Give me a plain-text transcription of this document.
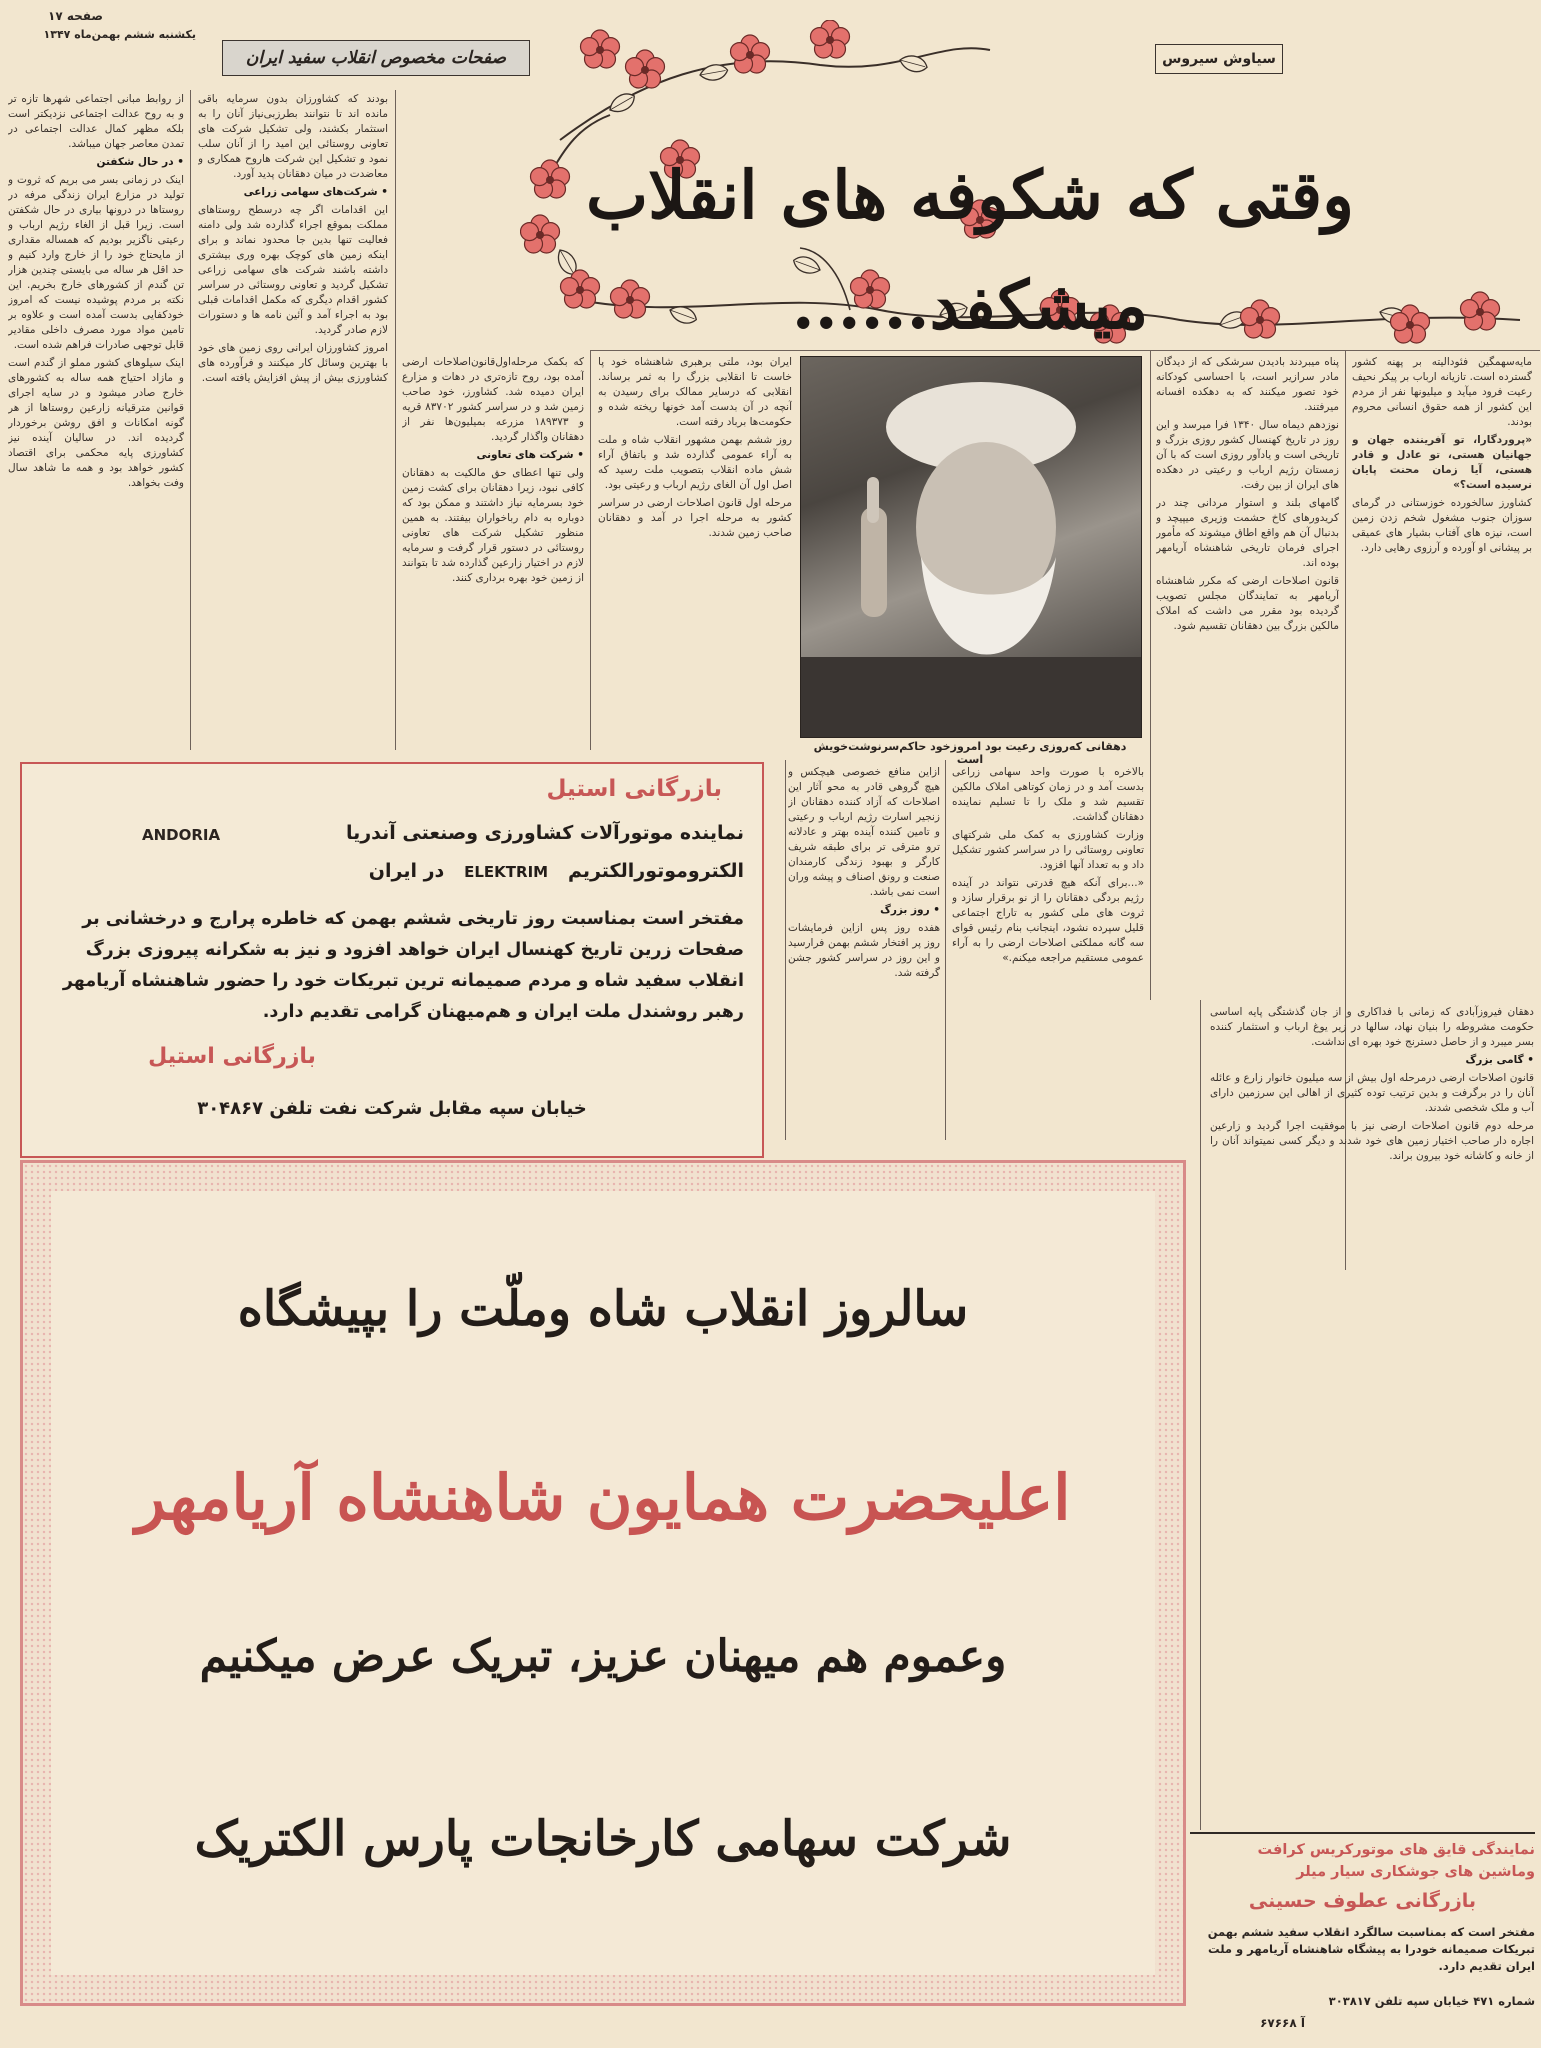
صفحه ۱۷
یکشنبه ششم بهمن‌ماه ۱۳۴۷
صفحات مخصوص انقلاب سفید ایران	سیاوش سیروس
وقتی که شکوفه های انقلاب میشکفد......
دهقانی که‌روزی رعیت بود امروزخود حاکم‌سرنوشت‌خویش است

از روابط مبانی اجتماعی شهرها تازه تر و به روح عدالت اجتماعی نزدیکتر است بلکه مظهر کمال عدالت اجتماعی در تمدن معاصر جهان میباشد.

• در حال شکفتن

اینک در زمانی بسر می بریم که ثروت و تولید در مزارع ایران زندگی مرفه در روستاها در درونها بیاری در حال شکفتن است. زیرا قبل از الغاء رژیم ارباب و رعیتی ناگزیر بودیم که همساله مقداری از مایحتاج خود را از خارج وارد کنیم و حد اقل هر ساله می بایستی چندین هزار تن گندم از کشورهای خارج بخریم. این نکته بر مردم پوشیده نیست که امروز خودکفایی بدست آمده است و علاوه بر تامین مواد مورد مصرف داخلی مقادیر قابل توجهی صادرات فراهم شده است.

اینک سیلوهای کشور مملو از گندم است و مازاد احتیاج همه ساله به کشورهای خارج صادر میشود و در سایه اجرای قوانین مترقیانه زارعین روستاها از هر گونه امکانات و افق روشن برخوردار گردیده اند. در سالیان آینده نیز کشاورزی پایه محکمی برای اقتصاد کشور خواهد بود و همه ما شاهد سال وفت بخواهد.

بودند که کشاورزان بدون سرمایه باقی مانده اند تا نتوانند بطرزبی‌نیاز آنان را به استثمار بکشند، ولی تشکیل شرکت های تعاونی روستائی این امید را از آنان سلب نمود و تشکیل این شرکت هاروح همکاری و معاضدت در میان دهقانان پدید آورد.

• شرکت‌های سهامی زراعی

این اقدامات اگر چه درسطح روستاهای مملکت بموقع اجراء گذارده شد ولی دامنه فعالیت تنها بدین جا محدود نماند و برای اینکه زمین های کوچک بهره وری بیشتری داشته باشند شرکت های سهامی زراعی تشکیل گردید و تعاونی روستائی در سراسر کشور اقدام دیگری که مکمل اقدامات قبلی بود به اجراء آمد و آئین نامه ها و دستورات لازم صادر گردید.

امروز کشاورزان ایرانی روی زمین های خود با بهترین وسائل کار میکنند و فرآورده های کشاورزی بیش از پیش افزایش یافته است.

که بکمک مرحله‌اول‌قانون‌اصلاحات ارضی آمده بود، روح تازه‌تری در دهات و مزارع ایران دمیده شد. کشاورز، خود صاحب زمین شد و در سراسر کشور ۸۳۷۰۲ قریه و ۱۸۹۳۷۳ مزرعه بمیلیون‌ها نفر از دهقانان واگذار گردید.

• شرکت های تعاونی

ولی تنها اعطای حق مالکیت به دهقانان کافی نبود، زیرا دهقانان برای کشت زمین خود بسرمایه نیاز داشتند و ممکن بود که دوباره به دام رباخواران بیفتند. به همین منظور تشکیل شرکت های تعاونی روستائی در دستور قرار گرفت و سرمایه لازم در اختیار زارعین گذارده شد تا بتوانند از زمین خود بهره برداری کنند.

ایران بود، ملتی برهبری شاهنشاه خود پا خاست تا انقلابی بزرگ را به ثمر برساند. انقلابی که درسایر ممالک برای رسیدن به آنچه در آن بدست آمد خونها ریخته شده و حکومت‌ها برباد رفته است.

روز ششم بهمن مشهور انقلاب شاه و ملت به آراء عمومی گذارده شد و باتفاق آراء شش ماده انقلاب بتصویب ملت رسید که اصل اول آن الغای رژیم ارباب و رعیتی بود.

مرحله اول قانون اصلاحات ارضی در سراسر کشور به مرحله اجرا در آمد و دهقانان صاحب زمین شدند.

پناه میبردند بادیدن سرشکی که از دیدگان مادر سرازیر است، با احساسی کودکانه خود تصور میکنند که به دهکده افسانه میرفتند.

نوزدهم دیماه سال ۱۳۴۰ فرا میرسد و این روز در تاریخ کهنسال کشور روزی بزرگ و تاریخی است و یادآور روزی است که با آن زمستان رژیم ارباب و رعیتی در دهکده های ایران از بین رفت.

گامهای بلند و استوار مردانی چند در کریدورهای کاخ حشمت وزیری میپیچد و بدنبال آن هم واقع اطاق میشوند که مأمور اجرای فرمان تاریخی شاهنشاه آریامهر بوده اند.

قانون اصلاحات ارضی که مکرر شاهنشاه آریامهر به تمایندگان مجلس تصویب گردیده بود مقرر می داشت که املاک مالکین بزرگ بین دهقانان تقسیم شود.

مایه‌سهمگین فئودالیته بر پهنه کشور گسترده است. تازیانه ارباب بر پیکر نحیف رعیت فرود میآید و میلیونها نفر از مردم این کشور از همه حقوق انسانی محروم بودند.

«پروردگارا، تو آفریننده جهان و جهانیان هستی، تو عادل و قادر هستی، آیا زمان محنت پایان نرسیده است؟»

کشاورز سالخورده خوزستانی در گرمای سوزان جنوب مشغول شخم زدن زمین است، نیزه های آفتاب بشیار های عمیقی بر پیشانی او آورده و آرزوی رهایی دارد.

دهقان فیروزآبادی که زمانی با فداکاری و از جان گذشتگی پایه اساسی حکومت مشروطه را بنیان نهاد، سالها در زیر یوغ ارباب و استثمار کننده بسر میبرد و از حاصل دسترنج خود بهره ای نداشت.

• گامی بزرگ

قانون اصلاحات ارضی درمرحله اول بیش از سه میلیون خانوار زارع و عائله آنان را در برگرفت و بدین ترتیب توده کثیری از اهالی این سرزمین دارای آب و ملک شخصی شدند.

مرحله دوم قانون اصلاحات ارضی نیز با موفقیت اجرا گردید و زارعین اجاره دار صاحب اختیار زمین های خود شدند و دیگر کسی نمیتواند آنان را از خانه و کاشانه خود بیرون براند.

ازاین منافع خصوصی هیچکس و هیچ گروهی قادر به محو آثار این اصلاحات که آزاد کننده دهقانان از زنجیر اسارت رژیم ارباب و رعیتی و تامین کننده آینده بهتر و عادلانه ترو مترقی تر برای طبقه شریف کارگر و بهبود زندگی کارمندان صنعت و رونق اصناف و پیشه وران است نمی باشد.

• روز بزرگ

هفده روز پس ازاین فرمایشات روز پر افتخار ششم بهمن فرارسید و این روز در سراسر کشور جشن گرفته شد.

بالاخره با صورت واحد سهامی زراعی بدست آمد و در زمان کوتاهی املاک مالکین تقسیم شد و ملک را تا تسلیم نماینده دهقانان گذاشت.

وزارت کشاورزی به کمک ملی شرکتهای تعاونی روستائی را در سراسر کشور تشکیل داد و به تعداد آنها افزود.

«...برای آنکه هیچ قدرتی نتواند در آینده رژیم بردگی دهقانان را از نو برقرار سازد و ثروت های ملی کشور به تاراج اجتماعی قلیل سپرده نشود، اینجانب بنام رئیس قوای سه گانه مملکتی اصلاحات ارضی را به آراء عمومی مستقیم مراجعه میکنم.»

بازرگانی استیل
نماینده موتورآلات کشاورزی وصنعتی آندریا
ANDORIA
الکتروموتورالکتریم   ELEKTRIM   در ایران
مفتخر است بمناسبت روز تاریخی ششم بهمن که خاطره پرارج و درخشانی بر صفحات زرین تاریخ کهنسال ایران خواهد افزود و نیز به شکرانه پیروزی بزرگ انقلاب سفید شاه و مردم صمیمانه ترین تبریکات خود را حضور شاهنشاه آریامهر رهبر روشندل ملت ایران و هم‌میهنان گرامی تقدیم دارد.
بازرگانی استیل
خیابان سپه مقابل شرکت نفت تلفن ۳۰۴۸۶۷
سالروز انقلاب شاه وملّت را بپیشگاه
اعلیحضرت همایون شاهنشاه آریامهر
وعموم هم میهنان عزیز، تبریک عرض میکنیم
شرکت سهامی کارخانجات پارس الکتریک	نمایندگی قایق های موتورکریس کرافت
وماشین های جوشکاری سیار میلر
بازرگانی عطوف حسینی
مفتخر است که بمناسبت سالگرد انقلاب سفید ششم بهمن تبریکات صمیمانه خودرا به پیشگاه شاهنشاه آریامهر و ملت ایران تقدیم دارد.
شماره ۴۷۱ خیابان سپه تلفن ۳۰۳۸۱۷
آ ۶۷۶۶۸
